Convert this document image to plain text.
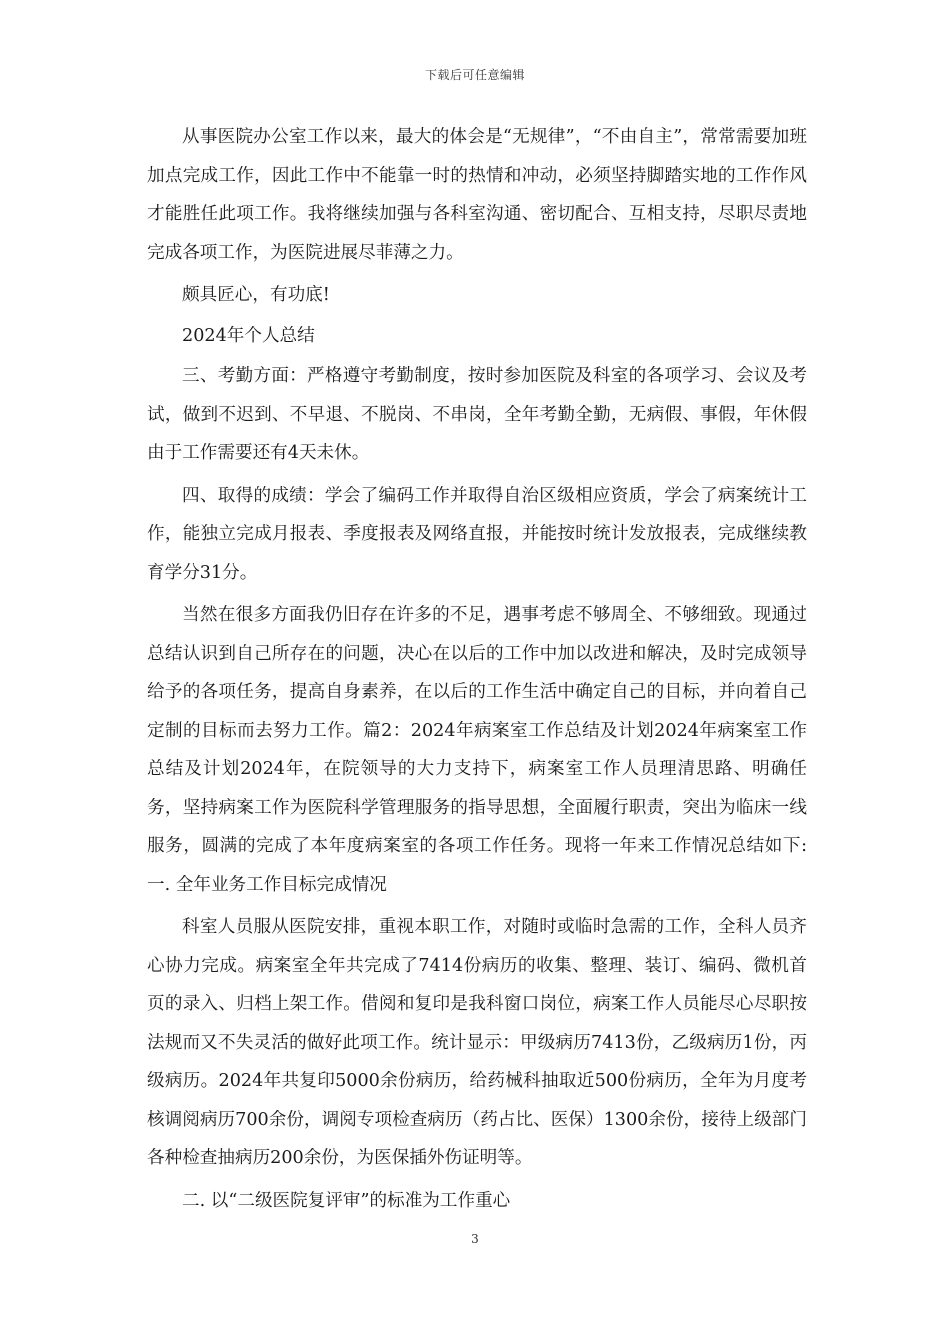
下载后可任意编辑

从事医院办公室工作以来，最大的体会是“无规律”，“不由自主”，常常需要加班加点完成工作，因此工作中不能靠一时的热情和冲动，必须坚持脚踏实地的工作作风才能胜任此项工作。我将继续加强与各科室沟通、密切配合、互相支持，尽职尽责地完成各项工作，为医院进展尽菲薄之力。

颇具匠心，有功底!

2024年个人总结

三、考勤方面：严格遵守考勤制度，按时参加医院及科室的各项学习、会议及考试，做到不迟到、不早退、不脱岗、不串岗，全年考勤全勤，无病假、事假，年休假由于工作需要还有4天未休。

四、取得的成绩：学会了编码工作并取得自治区级相应资质，学会了病案统计工作，能独立完成月报表、季度报表及网络直报，并能按时统计发放报表，完成继续教育学分31分。

当然在很多方面我仍旧存在许多的不足，遇事考虑不够周全、不够细致。现通过总结认识到自己所存在的问题，决心在以后的工作中加以改进和解决，及时完成领导给予的各项任务，提高自身素养，在以后的工作生活中确定自己的目标，并向着自己定制的目标而去努力工作。篇2：2024年病案室工作总结及计划2024年病案室工作总结及计划2024年，在院领导的大力支持下，病案室工作人员理清思路、明确任务，坚持病案工作为医院科学管理服务的指导思想，全面履行职责，突出为临床一线服务，圆满的完成了本年度病案室的各项工作任务。现将一年来工作情况总结如下:一. 全年业务工作目标完成情况

科室人员服从医院安排，重视本职工作，对随时或临时急需的工作，全科人员齐心协力完成。病案室全年共完成了7414份病历的收集、整理、装订、编码、微机首页的录入、归档上架工作。借阅和复印是我科窗口岗位，病案工作人员能尽心尽职按法规而又不失灵活的做好此项工作。统计显示：甲级病历7413份，乙级病历1份，丙级病历。2024年共复印5000余份病历，给药械科抽取近500份病历，全年为月度考核调阅病历700余份，调阅专项检查病历（药占比、医保）1300余份，接待上级部门各种检查抽病历200余份，为医保插外伤证明等。

二. 以“二级医院复评审”的标准为工作重心

3
